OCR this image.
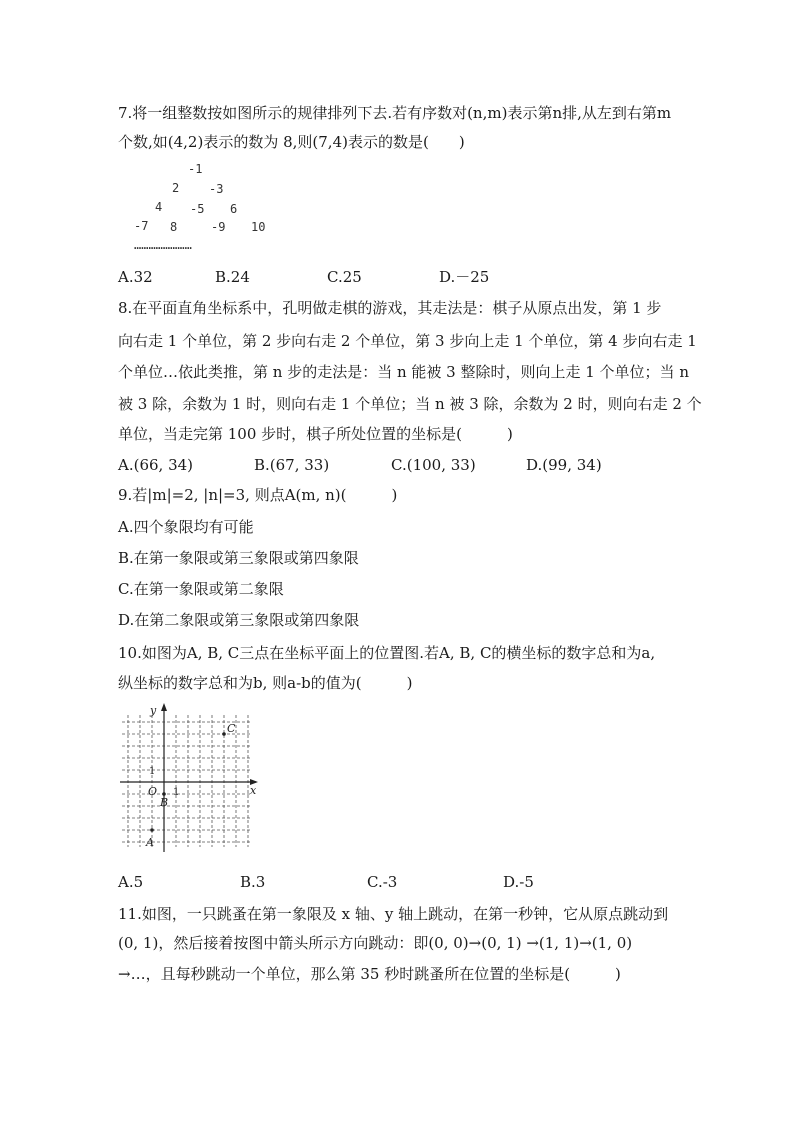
7.将一组整数按如图所示的规律排列下去.若有序数对(n,m)表示第n排,从左到右第m
个数,如(4,2)表示的数为 8,则(7,4)表示的数是(　　)
-1
2 -3
4 -5 6
-7 8	-9 10
……………………
A.32	B.24	C.25	D.－25
8.在平面直角坐标系中，孔明做走棋的游戏，其走法是：棋子从原点出发，第 1 步
向右走 1 个单位，第 2 步向右走 2 个单位，第 3 步向上走 1 个单位，第 4 步向右走 1
个单位…依此类推，第 n 步的走法是：当 n 能被 3 整除时，则向上走 1 个单位；当 n
被 3 除，余数为 1 时，则向右走 1 个单位；当 n 被 3 除，余数为 2 时，则向右走 2 个
单位，当走完第 100 步时，棋子所处位置的坐标是(　　　)
A.(66, 34)	B.(67, 33)	C.(100, 33)	D.(99, 34)
9.若|m|=2, |n|=3, 则点A(m, n)(　　　)
A.四个象限均有可能
B.在第一象限或第三象限或第四象限
C.在第一象限或第二象限
D.在第二象限或第三象限或第四象限
10.如图为A, B, C三点在坐标平面上的位置图.若A, B, C的横坐标的数字总和为a,
纵坐标的数字总和为b, 则a-b的值为(　　　)
y
x
O 1
1
C
B
A
A.5	B.3	C.-3	D.-5
11.如图，一只跳蚤在第一象限及 x 轴、y 轴上跳动，在第一秒钟，它从原点跳动到
(0, 1)，然后接着按图中箭头所示方向跳动：即(0, 0)→(0, 1) →(1, 1)→(1, 0)
→…，且每秒跳动一个单位，那么第 35 秒时跳蚤所在位置的坐标是(　　　)
